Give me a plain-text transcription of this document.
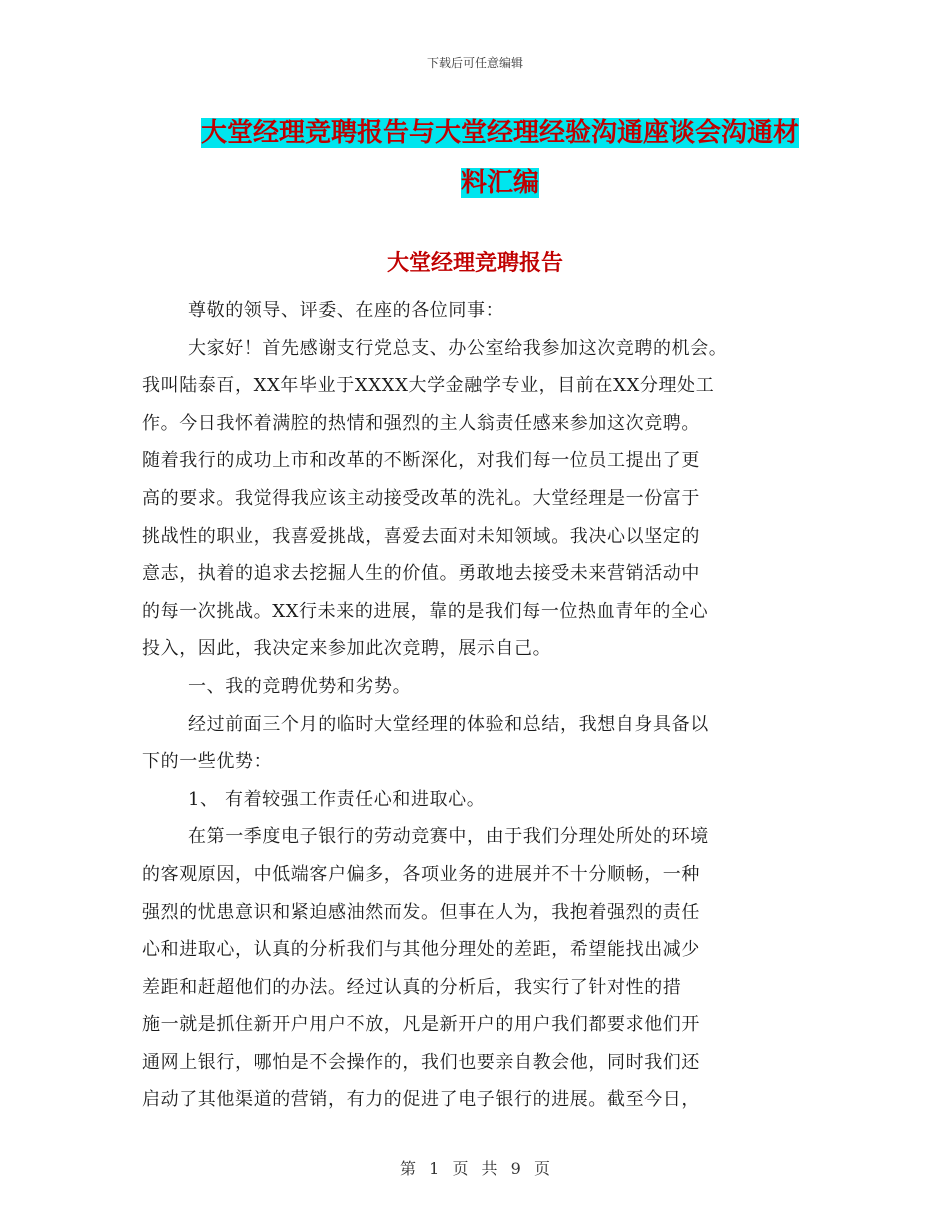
下载后可任意编辑
大堂经理竞聘报告与大堂经理经验沟通座谈会沟通材
料汇编
大堂经理竞聘报告
尊敬的领导、评委、在座的各位同事：
大家好！首先感谢支行党总支、办公室给我参加这次竞聘的机会。
我叫陆泰百，XX年毕业于XXXX大学金融学专业，目前在XX分理处工
作。今日我怀着满腔的热情和强烈的主人翁责任感来参加这次竞聘。
随着我行的成功上市和改革的不断深化，对我们每一位员工提出了更
高的要求。我觉得我应该主动接受改革的洗礼。大堂经理是一份富于
挑战性的职业，我喜爱挑战，喜爱去面对未知领域。我决心以坚定的
意志，执着的追求去挖掘人生的价值。勇敢地去接受未来营销活动中
的每一次挑战。XX行未来的进展，靠的是我们每一位热血青年的全心
投入，因此，我决定来参加此次竞聘，展示自己。
一、我的竞聘优势和劣势。
经过前面三个月的临时大堂经理的体验和总结，我想自身具备以
下的一些优势：
1、 有着较强工作责任心和进取心。
在第一季度电子银行的劳动竞赛中，由于我们分理处所处的环境
的客观原因，中低端客户偏多，各项业务的进展并不十分顺畅，一种
强烈的忧患意识和紧迫感油然而发。但事在人为，我抱着强烈的责任
心和进取心，认真的分析我们与其他分理处的差距，希望能找出减少
差距和赶超他们的办法。经过认真的分析后，我实行了针对性的措
施一就是抓住新开户用户不放，凡是新开户的用户我们都要求他们开
通网上银行，哪怕是不会操作的，我们也要亲自教会他，同时我们还
启动了其他渠道的营销，有力的促进了电子银行的进展。截至今日，
第 1 页 共 9 页
